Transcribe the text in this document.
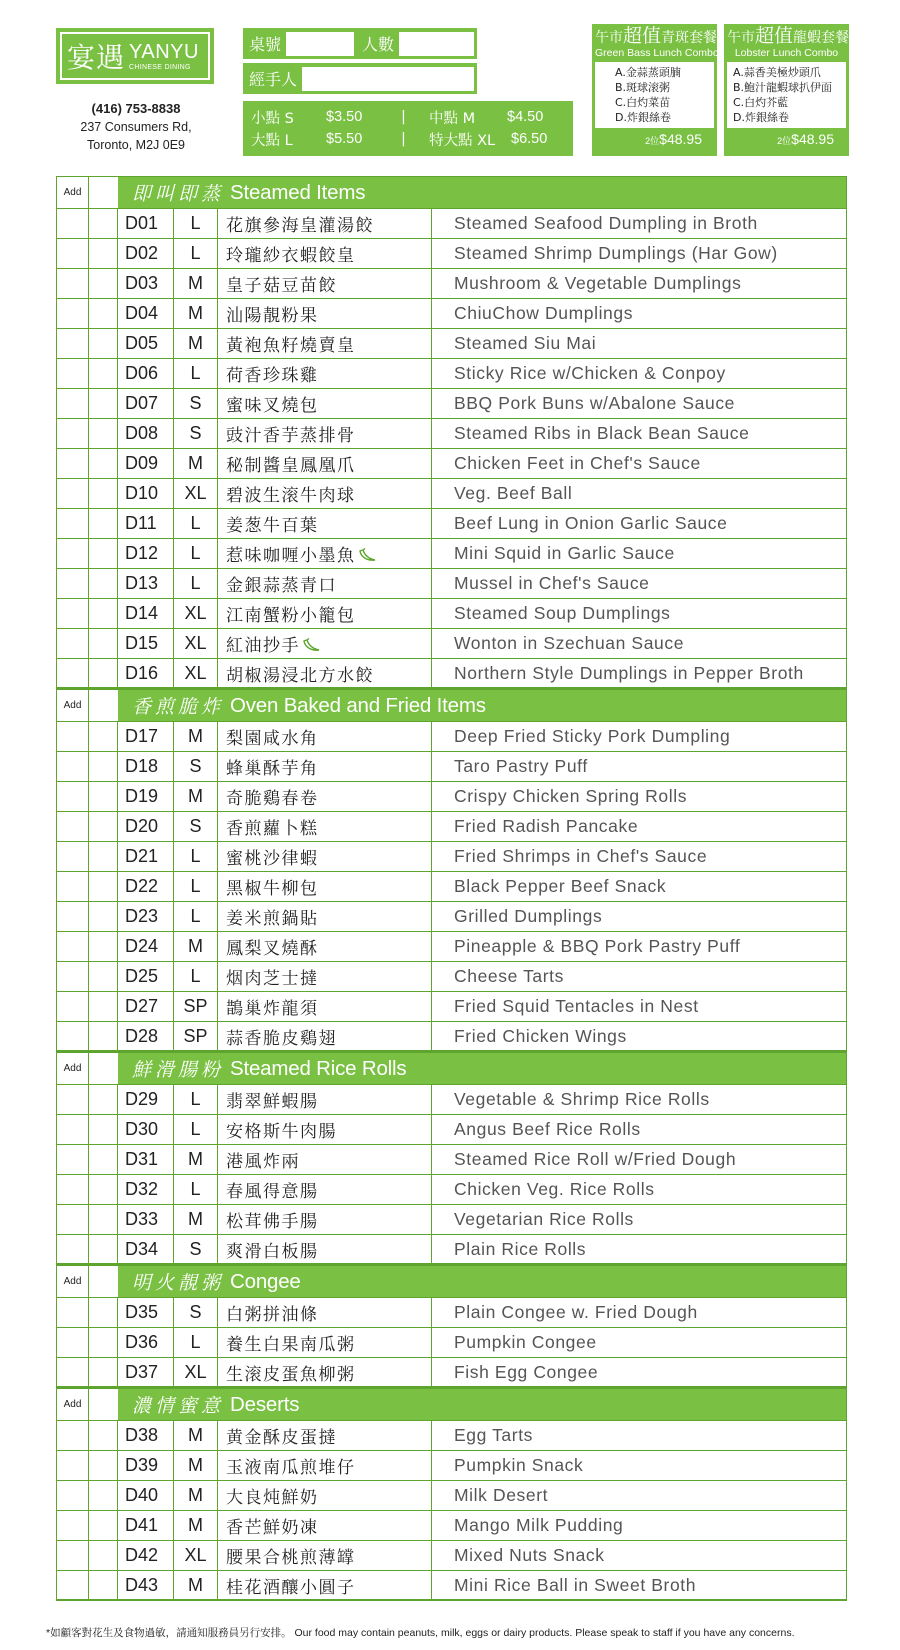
宴遇 YANYU
CHINESE DINING
(416) 753-8838
237 Consumers Rd,
Toronto, M2J 0E9
桌號	人數
經手人
小點 S	$3.50	|	中點 M	$4.50
大點 L	$5.50	|	特大點 XL	$6.50
午市超值青斑套餐
Green Bass Lunch Combo
A.金蒜蒸頭腩
B.斑球滚粥
C.白灼菜苗
D.炸銀絲卷
2位$48.95
午市超值龍蝦套餐
Lobster Lunch Combo
A.蒜香美極炒頭爪
B.鮑汁龍蝦球扒伊面
C.白灼芥藍
D.炸銀絲卷
2位$48.95
Add	即叫即蒸 Steamed Items
D01	L	花旗參海皇灌湯餃	Steamed Seafood Dumpling in Broth
D02	L	玲瓏紗衣蝦餃皇	Steamed Shrimp Dumplings (Har Gow)
D03	M	皇子菇豆苗餃	Mushroom & Vegetable Dumplings
D04	M	汕陽靚粉果	ChiuChow Dumplings
D05	M	黃袍魚籽燒賣皇	Steamed Siu Mai
D06	L	荷香珍珠雞	Sticky Rice w/Chicken & Conpoy
D07	S	蜜味叉燒包	BBQ Pork Buns w/Abalone Sauce
D08	S	豉汁香芋蒸排骨	Steamed Ribs in Black Bean Sauce
D09	M	秘制醬皇鳳凰爪	Chicken Feet in Chef's Sauce
D10	XL	碧波生滚牛肉球	Veg. Beef Ball
D11	L	姜葱牛百葉	Beef Lung in Onion Garlic Sauce
D12	L	惹味咖喱小墨魚	Mini Squid in Garlic Sauce
D13	L	金銀蒜蒸青口	Mussel in Chef's Sauce
D14	XL	江南蟹粉小籠包	Steamed Soup Dumplings
D15	XL	紅油抄手	Wonton in Szechuan Sauce
D16	XL	胡椒湯浸北方水餃	Northern Style Dumplings in Pepper Broth
Add	香煎脆炸 Oven Baked and Fried Items
D17	M	梨園咸水角	Deep Fried Sticky Pork Dumpling
D18	S	蜂巢酥芋角	Taro Pastry Puff
D19	M	奇脆鷄春卷	Crispy Chicken Spring Rolls
D20	S	香煎蘿卜糕	Fried Radish Pancake
D21	L	蜜桃沙律蝦	Fried Shrimps in Chef's Sauce
D22	L	黑椒牛柳包	Black Pepper Beef Snack
D23	L	姜米煎鍋貼	Grilled Dumplings
D24	M	鳳梨叉燒酥	Pineapple & BBQ Pork Pastry Puff
D25	L	烟肉芝士撻	Cheese Tarts
D27	SP	鵲巢炸龍須	Fried Squid Tentacles in Nest
D28	SP	蒜香脆皮鷄翅	Fried Chicken Wings
Add	鮮滑腸粉 Steamed Rice Rolls
D29	L	翡翠鮮蝦腸	Vegetable & Shrimp Rice Rolls
D30	L	安格斯牛肉腸	Angus Beef Rice Rolls
D31	M	港風炸兩	Steamed Rice Roll w/Fried Dough
D32	L	春風得意腸	Chicken Veg. Rice Rolls
D33	M	松茸佛手腸	Vegetarian Rice Rolls
D34	S	爽滑白板腸	Plain Rice Rolls
Add	明火靚粥 Congee
D35	S	白粥拼油條	Plain Congee w. Fried Dough
D36	L	養生白果南瓜粥	Pumpkin Congee
D37	XL	生滚皮蛋魚柳粥	Fish Egg Congee
Add	濃情蜜意 Deserts
D38	M	黄金酥皮蛋撻	Egg Tarts
D39	M	玉液南瓜煎堆仔	Pumpkin Snack
D40	M	大良炖鮮奶	Milk Desert
D41	M	香芒鮮奶凍	Mango Milk Pudding
D42	XL	腰果合桃煎薄罉	Mixed Nuts Snack
D43	M	桂花酒釀小圓子	Mini Rice Ball in Sweet Broth
*如顧客對花生及食物過敏，請通知服務員另行安排。 Our food may contain peanuts, milk, eggs or dairy products. Please speak to staff if you have any concerns.
